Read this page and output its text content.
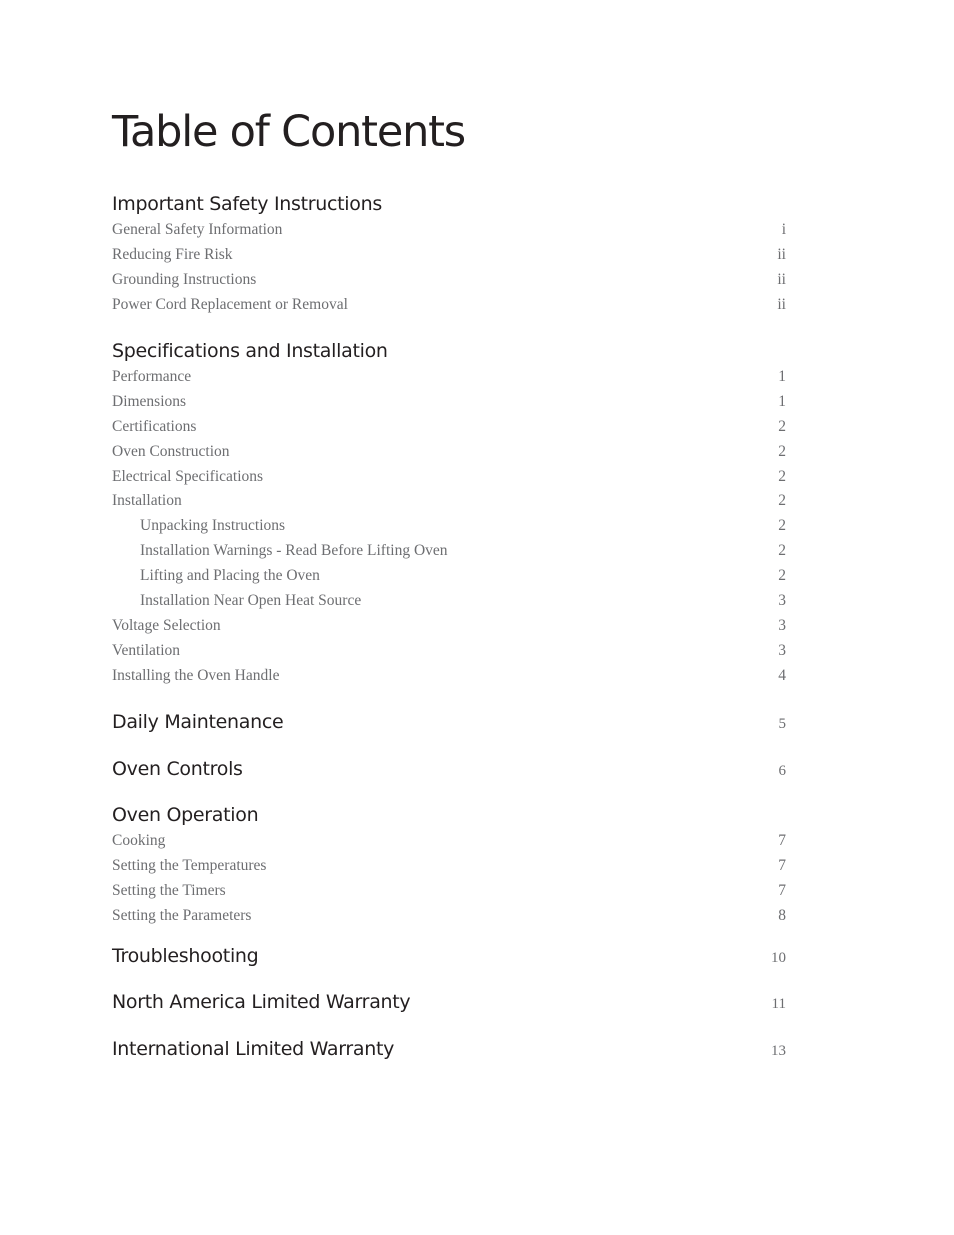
Table of Contents
Important Safety Instructions
General Safety Information	i
Reducing Fire Risk	ii
Grounding Instructions	ii
Power Cord Replacement or Removal	ii
Specifications and Installation
Performance	1
Dimensions	1
Certifications	2
Oven Construction	2
Electrical Specifications	2
Installation	2
Unpacking Instructions	2
Installation Warnings - Read Before Lifting Oven	2
Lifting and Placing the Oven	2
Installation Near Open Heat Source	3
Voltage Selection	3
Ventilation	3
Installing the Oven Handle	4
Daily Maintenance	5
Oven Controls	6
Oven Operation
Cooking	7
Setting the Temperatures	7
Setting the Timers	7
Setting the Parameters	8
Troubleshooting	10
North America Limited Warranty	11
International Limited Warranty	13
